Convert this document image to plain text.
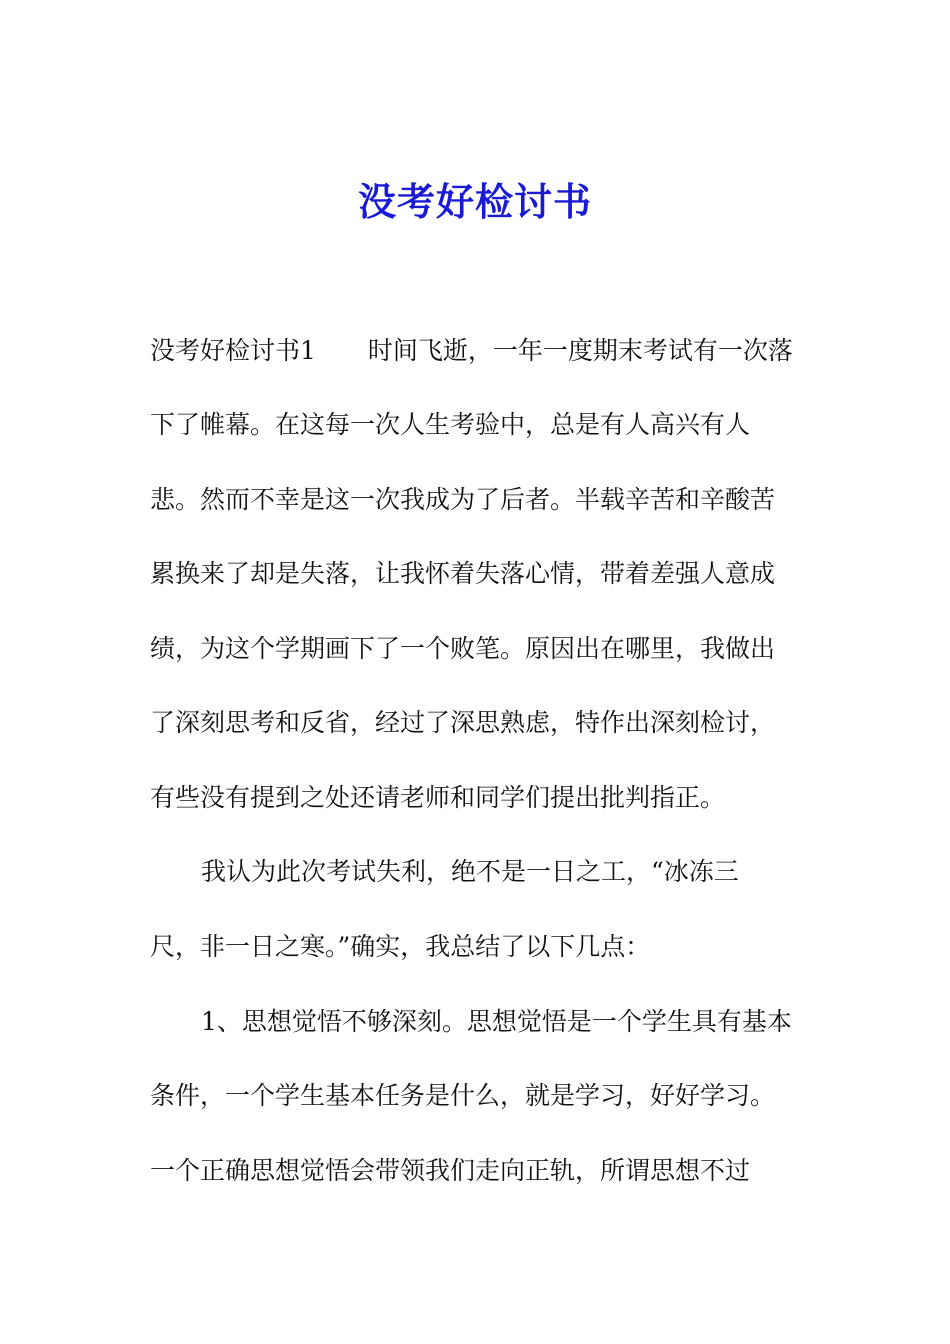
没考好检讨书
没考好检讨书1 时间飞逝，一年一度期末考试有一次落
下了帷幕。在这每一次人生考验中，总是有人高兴有人
悲。然而不幸是这一次我成为了后者。半载辛苦和辛酸苦
累换来了却是失落，让我怀着失落心情，带着差强人意成
绩，为这个学期画下了一个败笔。原因出在哪里，我做出
了深刻思考和反省，经过了深思熟虑，特作出深刻检讨，
有些没有提到之处还请老师和同学们提出批判指正。
我认为此次考试失利，绝不是一日之工，“冰冻三
尺，非一日之寒。”确实，我总结了以下几点：
1、思想觉悟不够深刻。思想觉悟是一个学生具有基本
条件，一个学生基本任务是什么，就是学习，好好学习。
一个正确思想觉悟会带领我们走向正轨，所谓思想不过
